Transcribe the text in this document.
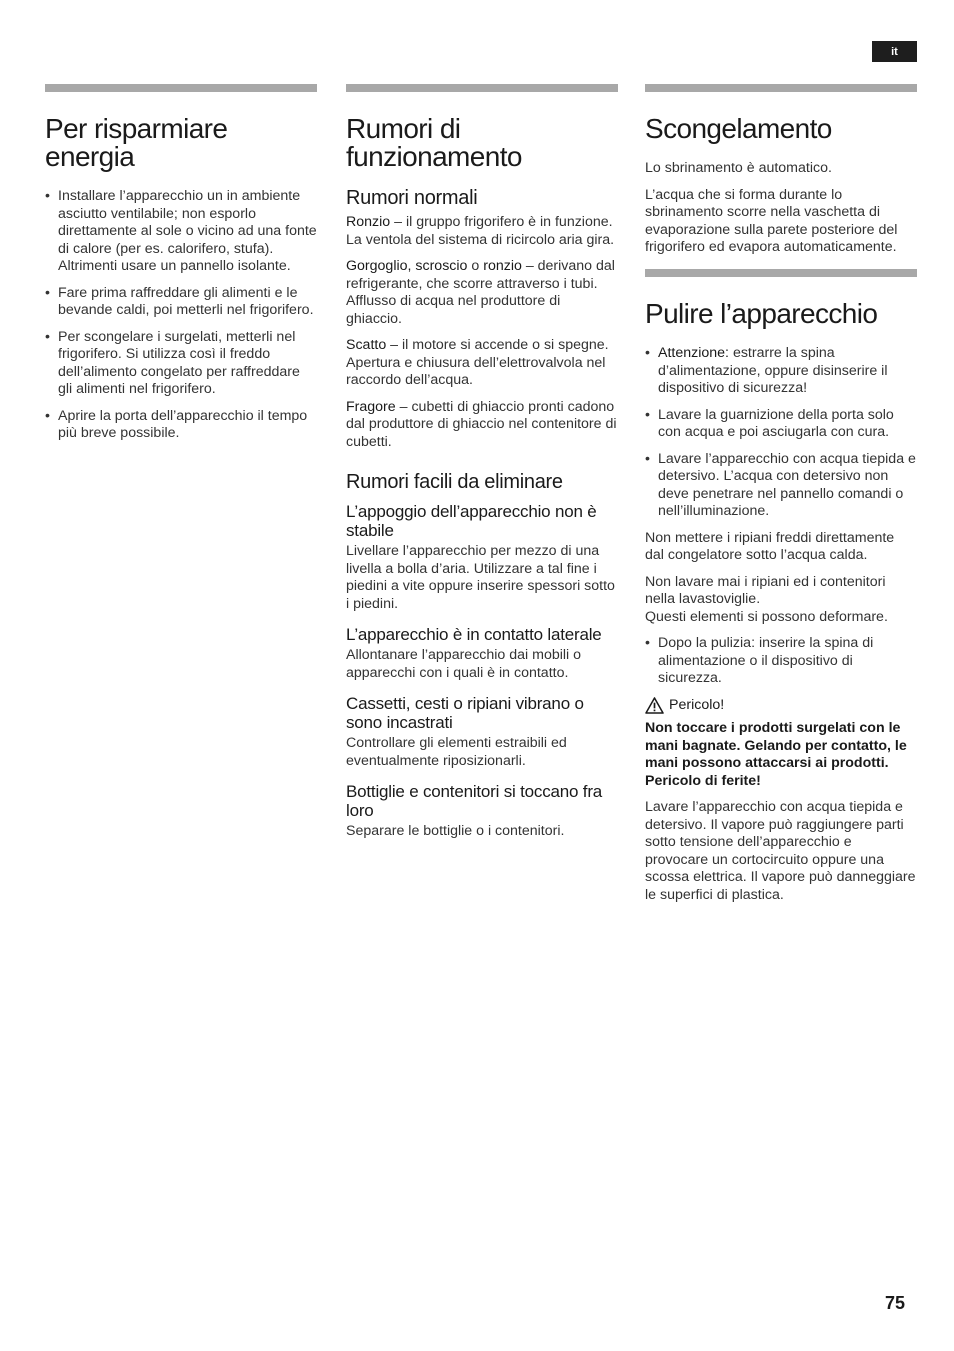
it
Per risparmiare energia
• Installare l’apparecchio un in ambiente asciutto ventilabile; non esporlo direttamente al sole o vicino ad una fonte di calore (per es. calorifero, stufa). Altrimenti usare un pannello isolante.
• Fare prima raffreddare gli alimenti e le bevande caldi, poi metterli nel frigorifero.
• Per scongelare i surgelati, metterli nel frigorifero. Si utilizza così il freddo dell’alimento congelato per raffreddare gli alimenti nel frigorifero.
• Aprire la porta dell’apparecchio il tempo più breve possibile.
Rumori di funzionamento
Rumori normali

Ronzio – il gruppo frigorifero è in funzione. La ventola del sistema di ricircolo aria gira.

Gorgoglio, scroscio o ronzio – derivano dal refrigerante, che scorre attraverso i tubi. Afflusso di acqua nel produttore di ghiaccio.

Scatto – il motore si accende o si spegne. Apertura e chiusura dell’elettrovalvola nel raccordo dell’acqua.

Fragore – cubetti di ghiaccio pronti cadono dal produttore di ghiaccio nel contenitore di cubetti.

Rumori facili da eliminare
L’appoggio dell’apparecchio non è stabile

Livellare l’apparecchio per mezzo di una livella a bolla d’aria. Utilizzare a tal fine i piedini a vite oppure inserire spessori sotto i piedini.

L’apparecchio è in contatto laterale

Allontanare l’apparecchio dai mobili o apparecchi con i quali è in contatto.

Cassetti, cesti o ripiani vibrano o sono incastrati

Controllare gli elementi estraibili ed eventualmente riposizionarli.

Bottiglie e contenitori si toccano fra loro

Separare le bottiglie o i contenitori.

Scongelamento

Lo sbrinamento è automatico.

L’acqua che si forma durante lo sbrinamento scorre nella vaschetta di evaporazione sulla parete posteriore del frigorifero ed evapora automaticamente.

Pulire l’apparecchio
• Attenzione: estrarre la spina d’alimentazione, oppure disinserire il dispositivo di sicurezza!
• Lavare la guarnizione della porta solo con acqua e poi asciugarla con cura.
• Lavare l’apparecchio con acqua tiepida e detersivo. L’acqua con detersivo non deve penetrare nel pannello comandi o nell’illuminazione.

Non mettere i ripiani freddi direttamente dal congelatore sotto l’acqua calda.

Non lavare mai i ripiani ed i contenitori nella lavastoviglie.
Questi elementi si possono deformare.

• Dopo la pulizia: inserire la spina di alimentazione o il dispositivo di sicurezza.
Pericolo!

Non toccare i prodotti surgelati con le mani bagnate. Gelando per contatto, le mani possono attaccarsi ai prodotti. Pericolo di ferite!

Lavare l’apparecchio con acqua tiepida e detersivo. Il vapore può raggiungere parti sotto tensione dell’apparecchio e provocare un cortocircuito oppure una scossa elettrica. Il vapore può danneggiare le superfici di plastica.

75
